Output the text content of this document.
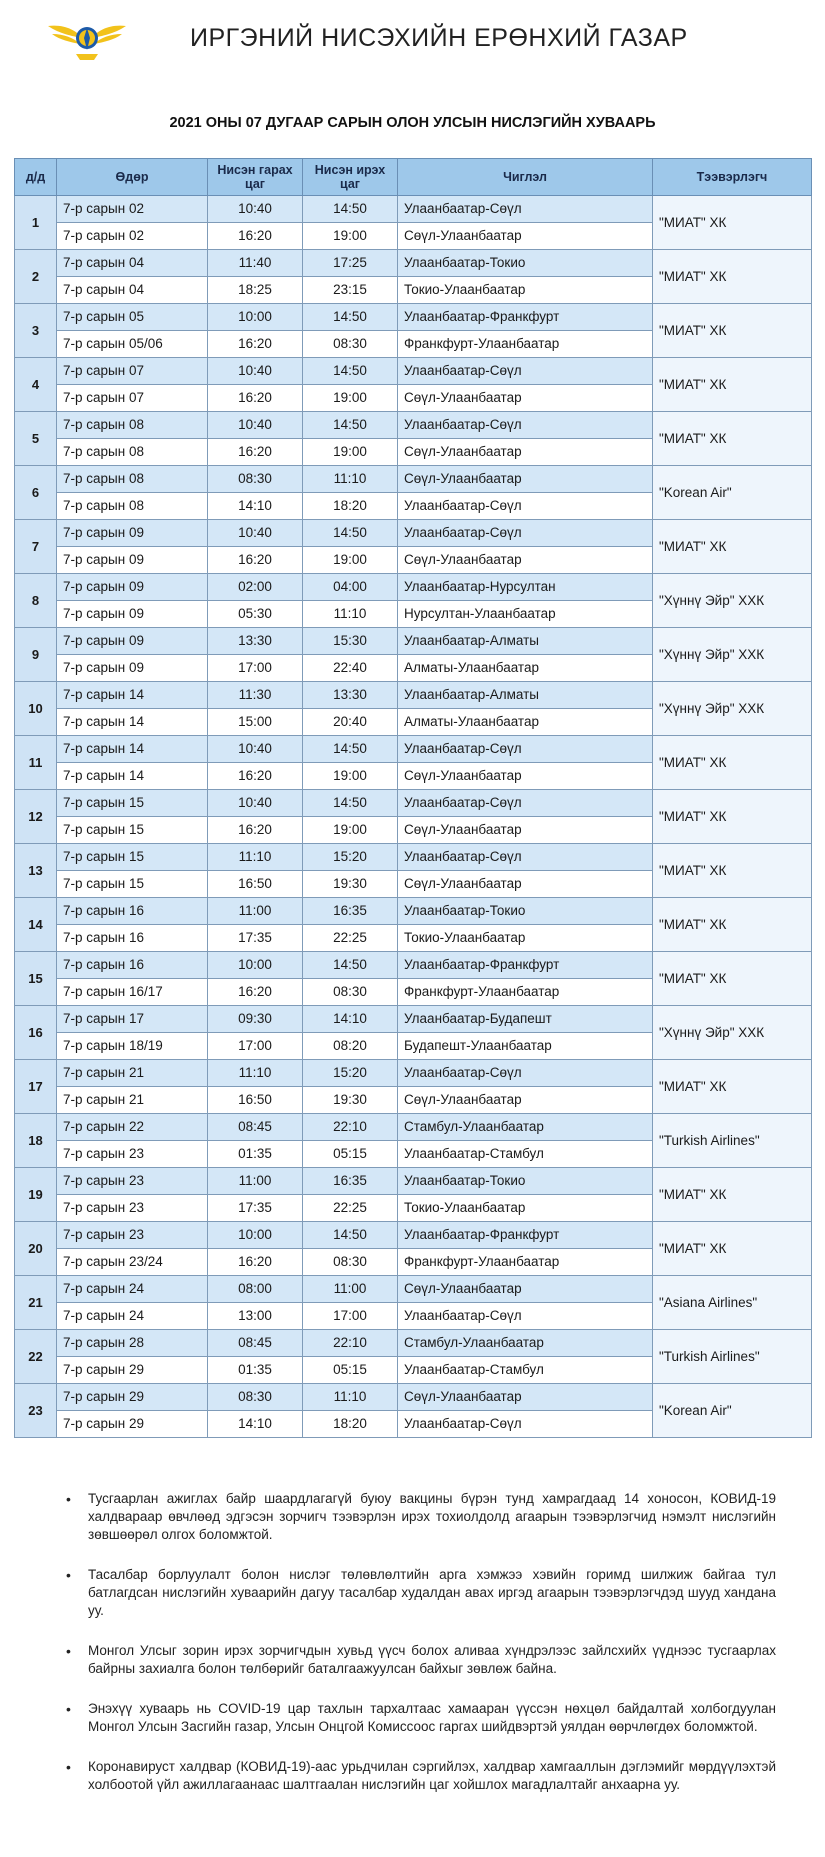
ИРГЭНИЙ НИСЭХИЙН ЕРӨНХИЙ ГАЗАР
2021 ОНЫ 07 ДУГААР САРЫН ОЛОН УЛСЫН НИСЛЭГИЙН ХУВААРЬ
д/д	Өдөр	Нисэн гарах цаг	Нисэн ирэх цаг	Чиглэл	Тээвэрлэгч
1	7-р сарын 02	10:40	14:50	Улаанбаатар-Сөүл	"МИАТ" ХК
	7-р сарын 02	16:20	19:00	Сөүл-Улаанбаатар	
2	7-р сарын 04	11:40	17:25	Улаанбаатар-Токио	"МИАТ" ХК
	7-р сарын 04	18:25	23:15	Токио-Улаанбаатар	
3	7-р сарын 05	10:00	14:50	Улаанбаатар-Франкфурт	"МИАТ" ХК
	7-р сарын 05/06	16:20	08:30	Франкфурт-Улаанбаатар	
4	7-р сарын 07	10:40	14:50	Улаанбаатар-Сөүл	"МИАТ" ХК
	7-р сарын 07	16:20	19:00	Сөүл-Улаанбаатар	
5	7-р сарын 08	10:40	14:50	Улаанбаатар-Сөүл	"МИАТ" ХК
	7-р сарын 08	16:20	19:00	Сөүл-Улаанбаатар	
6	7-р сарын 08	08:30	11:10	Сөүл-Улаанбаатар	"Korean Air"
	7-р сарын 08	14:10	18:20	Улаанбаатар-Сөүл	
7	7-р сарын 09	10:40	14:50	Улаанбаатар-Сөүл	"МИАТ" ХК
	7-р сарын 09	16:20	19:00	Сөүл-Улаанбаатар	
8	7-р сарын 09	02:00	04:00	Улаанбаатар-Нурсултан	"Хүннү Эйр" ХХК
	7-р сарын 09	05:30	11:10	Нурсултан-Улаанбаатар	
9	7-р сарын 09	13:30	15:30	Улаанбаатар-Алматы	"Хүннү Эйр" ХХК
	7-р сарын 09	17:00	22:40	Алматы-Улаанбаатар	
10	7-р сарын 14	11:30	13:30	Улаанбаатар-Алматы	"Хүннү Эйр" ХХК
	7-р сарын 14	15:00	20:40	Алматы-Улаанбаатар	
11	7-р сарын 14	10:40	14:50	Улаанбаатар-Сөүл	"МИАТ" ХК
	7-р сарын 14	16:20	19:00	Сөүл-Улаанбаатар	
12	7-р сарын 15	10:40	14:50	Улаанбаатар-Сөүл	"МИАТ" ХК
	7-р сарын 15	16:20	19:00	Сөүл-Улаанбаатар	
13	7-р сарын 15	11:10	15:20	Улаанбаатар-Сөүл	"МИАТ" ХК
	7-р сарын 15	16:50	19:30	Сөүл-Улаанбаатар	
14	7-р сарын 16	11:00	16:35	Улаанбаатар-Токио	"МИАТ" ХК
	7-р сарын 16	17:35	22:25	Токио-Улаанбаатар	
15	7-р сарын 16	10:00	14:50	Улаанбаатар-Франкфурт	"МИАТ" ХК
	7-р сарын 16/17	16:20	08:30	Франкфурт-Улаанбаатар	
16	7-р сарын 17	09:30	14:10	Улаанбаатар-Будапешт	"Хүннү Эйр" ХХК
	7-р сарын 18/19	17:00	08:20	Будапешт-Улаанбаатар	
17	7-р сарын 21	11:10	15:20	Улаанбаатар-Сөүл	"МИАТ" ХК
	7-р сарын 21	16:50	19:30	Сөүл-Улаанбаатар	
18	7-р сарын 22	08:45	22:10	Стамбул-Улаанбаатар	"Turkish Airlines"
	7-р сарын 23	01:35	05:15	Улаанбаатар-Стамбул	
19	7-р сарын 23	11:00	16:35	Улаанбаатар-Токио	"МИАТ" ХК
	7-р сарын 23	17:35	22:25	Токио-Улаанбаатар	
20	7-р сарын 23	10:00	14:50	Улаанбаатар-Франкфурт	"МИАТ" ХК
	7-р сарын 23/24	16:20	08:30	Франкфурт-Улаанбаатар	
21	7-р сарын 24	08:00	11:00	Сөүл-Улаанбаатар	"Asiana Airlines"
	7-р сарын 24	13:00	17:00	Улаанбаатар-Сөүл	
22	7-р сарын 28	08:45	22:10	Стамбул-Улаанбаатар	"Turkish Airlines"
	7-р сарын 29	01:35	05:15	Улаанбаатар-Стамбул	
23	7-р сарын 29	08:30	11:10	Сөүл-Улаанбаатар	"Korean Air"
	7-р сарын 29	14:10	18:20	Улаанбаатар-Сөүл	
• Тусгаарлан ажиглах байр шаардлагагүй буюу вакцины бүрэн тунд хамрагдаад 14 хоносон, КОВИД-19 халдвараар өвчлөөд эдгэсэн зорчигч тээвэрлэн ирэх тохиолдолд агаарын тээвэрлэгчид нэмэлт нислэгийн зөвшөөрөл олгох боломжтой.
• Тасалбар борлуулалт болон нислэг төлөвлөлтийн арга хэмжээ хэвийн горимд шилжиж байгаа тул батлагдсан нислэгийн хуваарийн дагуу тасалбар худалдан авах иргэд агаарын тээвэрлэгчдэд шууд хандана уу.
• Монгол Улсыг зорин ирэх зорчигчдын хувьд үүсч болох аливаа хүндрэлээс зайлсхийх үүднээс тусгаарлах байрны захиалга болон төлбөрийг баталгаажуулсан байхыг зөвлөж байна.
• Энэхүү хуваарь нь COVID-19 цар тахлын тархалтаас хамааран үүссэн нөхцөл байдалтай холбогдуулан Монгол Улсын Засгийн газар, Улсын Онцгой Комиссоос гаргах шийдвэртэй уялдан өөрчлөгдөх боломжтой.
• Коронавируст халдвар (КОВИД-19)-аас урьдчилан сэргийлэх, халдвар хамгааллын дэглэмийг мөрдүүлэхтэй холбоотой үйл ажиллагаанаас шалтгаалан нислэгийн цаг хойшлох магадлалтайг анхаарна уу.
